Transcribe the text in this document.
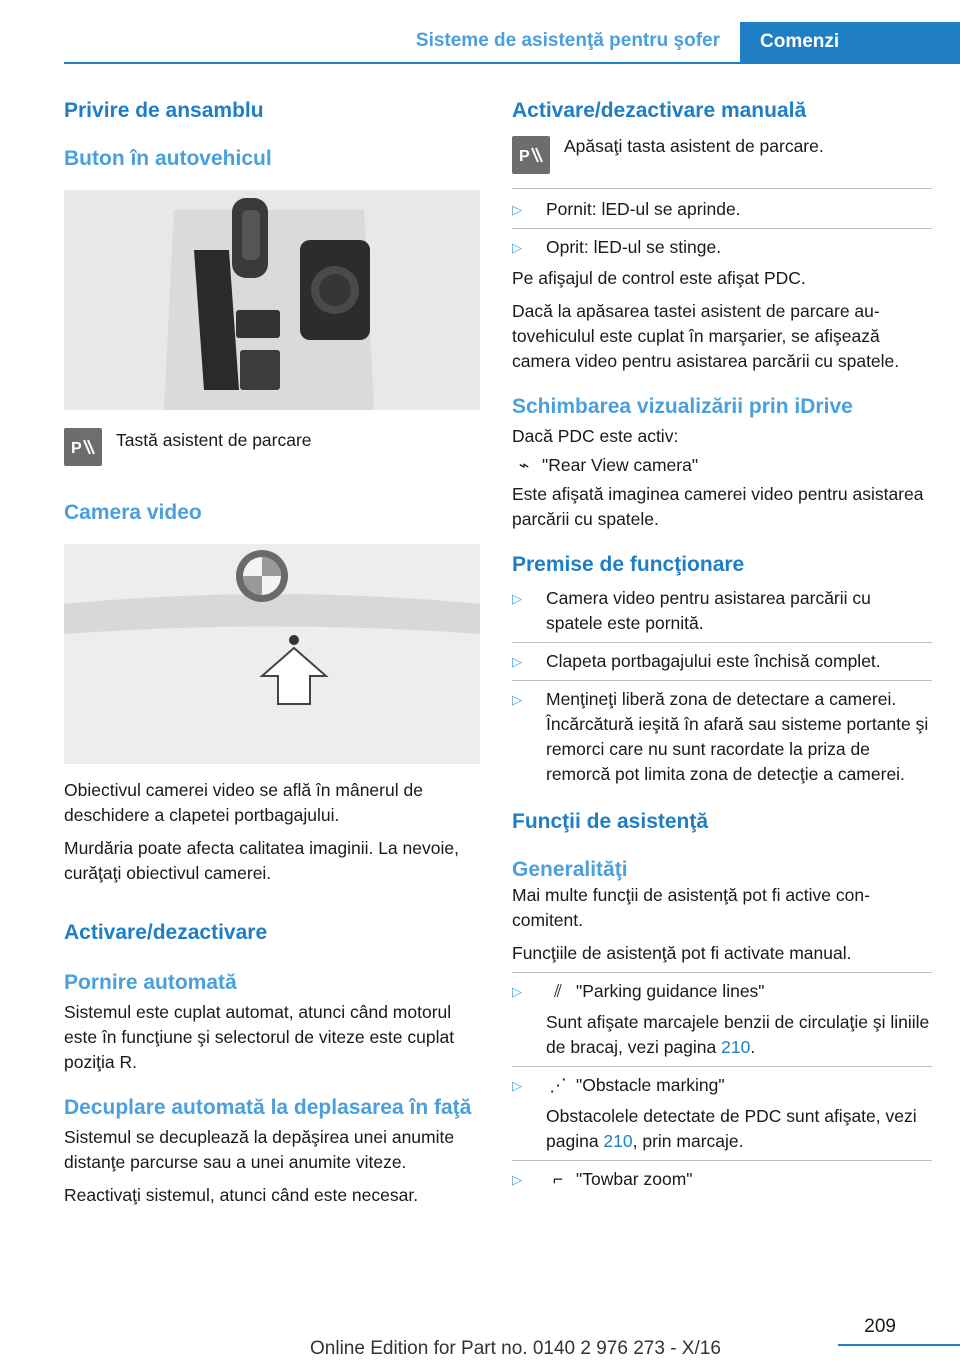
Sisteme de asistenţă pentru şofer	Comenzi
Privire de ansamblu
Buton în autovehicul
P Tastă asistent de parcare

Camera video

Obiectivul camerei video se află în mânerul de deschidere a clapetei portbagajului.

Murdăria poate afecta calitatea imaginii. La nevoie, curăţaţi obiectivul camerei.

Activare/dezactivare
Pornire automată

Sistemul este cuplat automat, atunci când motorul este în funcţiune şi selectorul de viteze este cuplat poziţia R.

Decuplare automată la deplasarea în faţă

Sistemul se decuplează la depăşirea unei anumite distanţe parcurse sau a unei anumite viteze.

Reactivaţi sistemul, atunci când este necesar.

Activare/dezactivare manuală
P

Apăsaţi tasta asistent de parcare.

▷	Pornit: lED-ul se aprinde.
▷	Oprit: lED-ul se stinge.

Pe afişajul de control este afişat PDC.

Dacă la apăsarea tastei asistent de parcare autovehiculul este cuplat în marşarier, se afişează camera video pentru asistarea parcării cu spatele.

Schimbarea vizualizării prin iDrive

Dacă PDC este activ:

⌁ "Rear View camera"

Este afişată imaginea camerei video pentru asistarea parcării cu spatele.

Premise de funcţionare
▷	Camera video pentru asistarea parcării cu spatele este pornită.
▷	Clapeta portbagajului este închisă complet.
▷	Menţineţi liberă zona de detectare a camerei. Încărcătură ieşită în afară sau sisteme portante şi remorci care nu sunt racordate la priza de remorcă pot limita zona de detecţie a camerei.
Funcţii de asistenţă
Generalităţi

Mai multe funcţii de asistenţă pot fi active concomitent.

Funcţiile de asistenţă pot fi activate manual.

▷	⫽ "Parking guidance lines"
Sunt afişate marcajele benzii de circulaţie şi liniile de bracaj, vezi pagina 210.
▷	⋰ "Obstacle marking"
Obstacolele detectate de PDC sunt afişate, vezi pagina 210, prin marcaje.
▷	⌐ "Towbar zoom"
209
Online Edition for Part no. 0140 2 976 273 - X/16
